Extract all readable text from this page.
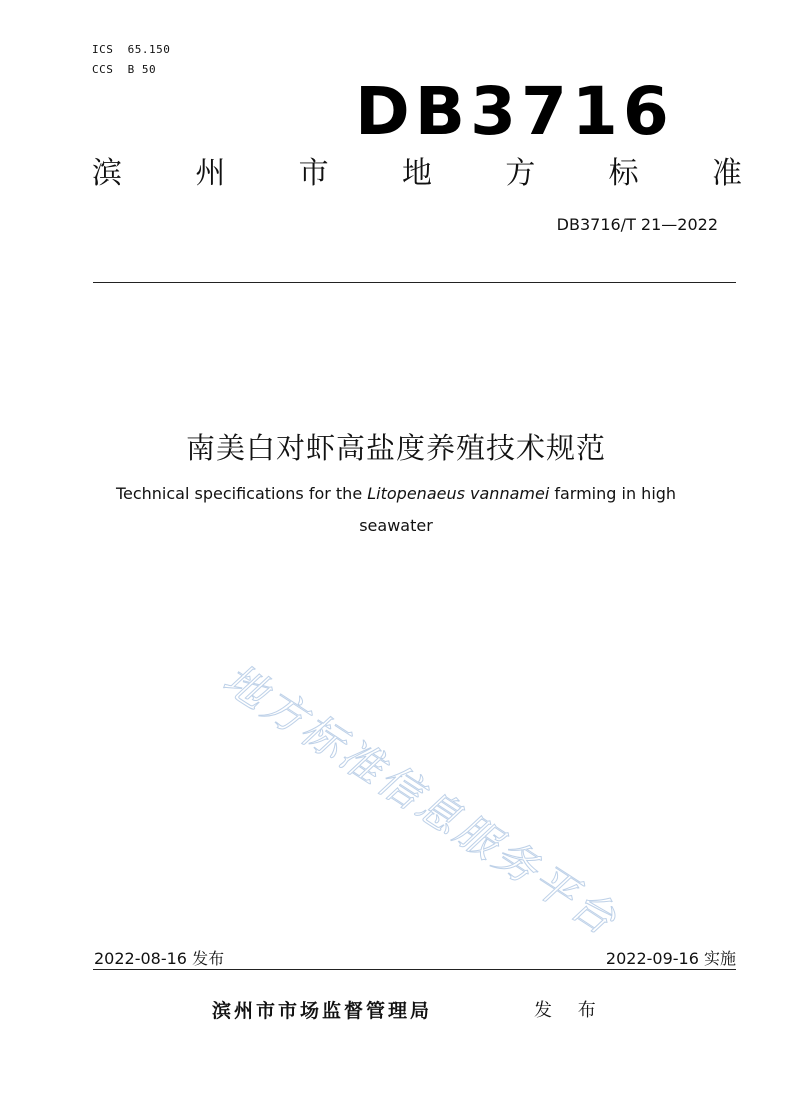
ICS 65.150
CCS B 50
DB3716
滨 州 市 地 方 标 准
DB3716/T 21—2022
南美白对虾高盐度养殖技术规范
Technical specifications for the Litopenaeus vannamei farming in high
seawater
地方标准信息服务平台
2022-08-16 发布	2022-09-16 实施
滨州市市场监督管理局	发 布
